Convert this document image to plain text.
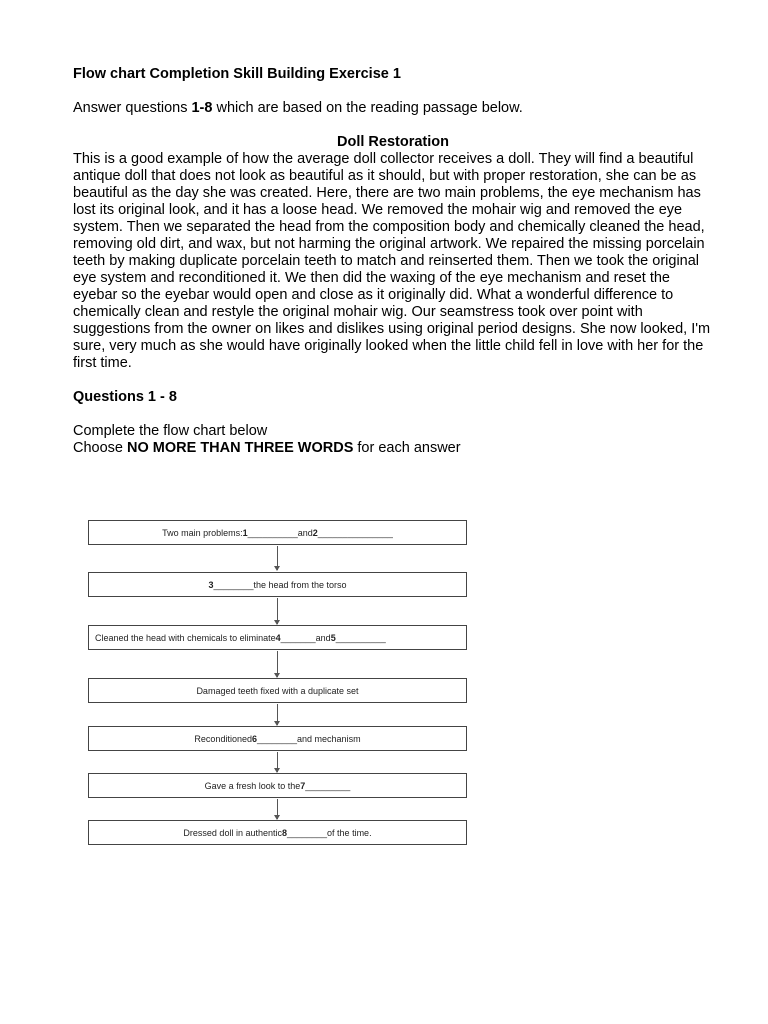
Flow chart Completion Skill Building Exercise 1

Answer questions 1-8 which are based on the reading passage below.
Doll Restoration

This is a good example of how the average doll collector receives a doll. They will find a beautiful antique doll that does not look as beautiful as it should, but with proper restoration, she can be as beautiful as the day she was created. Here, there are two main problems, the eye mechanism has lost its original look, and it has a loose head. We removed the mohair wig and removed the eye system. Then we separated the head from the composition body and chemically cleaned the head, removing old dirt, and wax, but not harming the original artwork. We repaired the missing porcelain teeth by making duplicate porcelain teeth to match and reinserted them. Then we took the original eye system and reconditioned it. We then did the waxing of the eye mechanism and reset the eyebar so the eyebar would open and close as it originally did. What a wonderful difference to chemically clean and restyle the original mohair wig. Our seamstress took over point with suggestions from the owner on likes and dislikes using original period designs. She now looked, I'm sure, very much as she would have originally looked when the little child fell in love with her for the first time.

Questions 1 - 8
Complete the flow chart below
Choose NO MORE THAN THREE WORDS for each answer
Two main problems: 1 __________ and 2 _______________
3 ________ the head from the torso
Cleaned the head with chemicals to eliminate 4 _______ and 5 __________
Damaged teeth fixed with a duplicate set
Reconditioned 6 ________ and mechanism
Gave a fresh look to the 7 _________
Dressed doll in authentic 8 ________ of the time.
